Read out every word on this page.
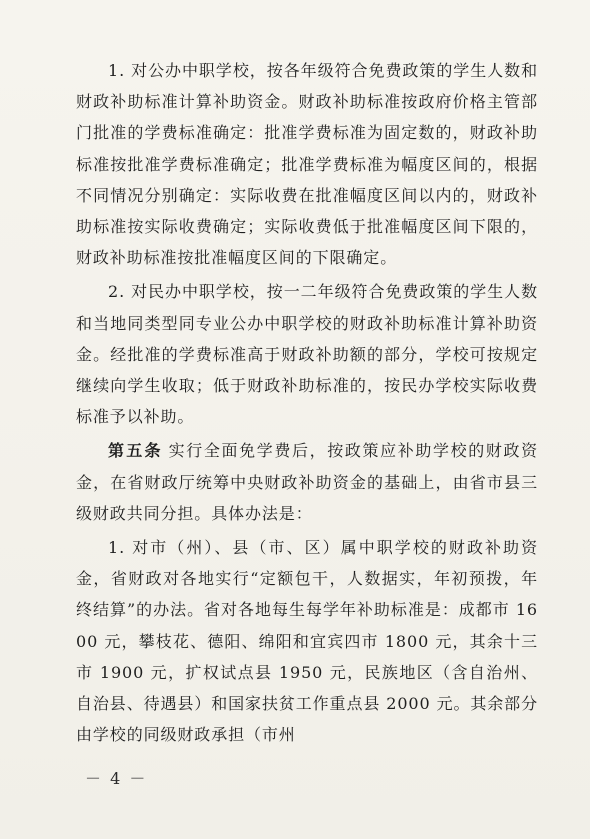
1. 对公办中职学校，按各年级符合免费政策的学生人数和财政补助标准计算补助资金。财政补助标准按政府价格主管部门批准的学费标准确定：批准学费标准为固定数的，财政补助标准按批准学费标准确定；批准学费标准为幅度区间的，根据不同情况分别确定：实际收费在批准幅度区间以内的，财政补助标准按实际收费确定；实际收费低于批准幅度区间下限的，财政补助标准按批准幅度区间的下限确定。

2. 对民办中职学校，按一二年级符合免费政策的学生人数和当地同类型同专业公办中职学校的财政补助标准计算补助资金。经批准的学费标准高于财政补助额的部分，学校可按规定继续向学生收取；低于财政补助标准的，按民办学校实际收费标准予以补助。

第五条 实行全面免学费后，按政策应补助学校的财政资金，在省财政厅统筹中央财政补助资金的基础上，由省市县三级财政共同分担。具体办法是：

1. 对市（州）、县（市、区）属中职学校的财政补助资金，省财政对各地实行“定额包干，人数据实，年初预拨，年终结算”的办法。省对各地每生每学年补助标准是：成都市 1600 元，攀枝花、德阳、绵阳和宜宾四市 1800 元，其余十三市 1900 元，扩权试点县 1950 元，民族地区（含自治州、自治县、待遇县）和国家扶贫工作重点县 2000 元。其余部分由学校的同级财政承担（市州

－ 4 －
